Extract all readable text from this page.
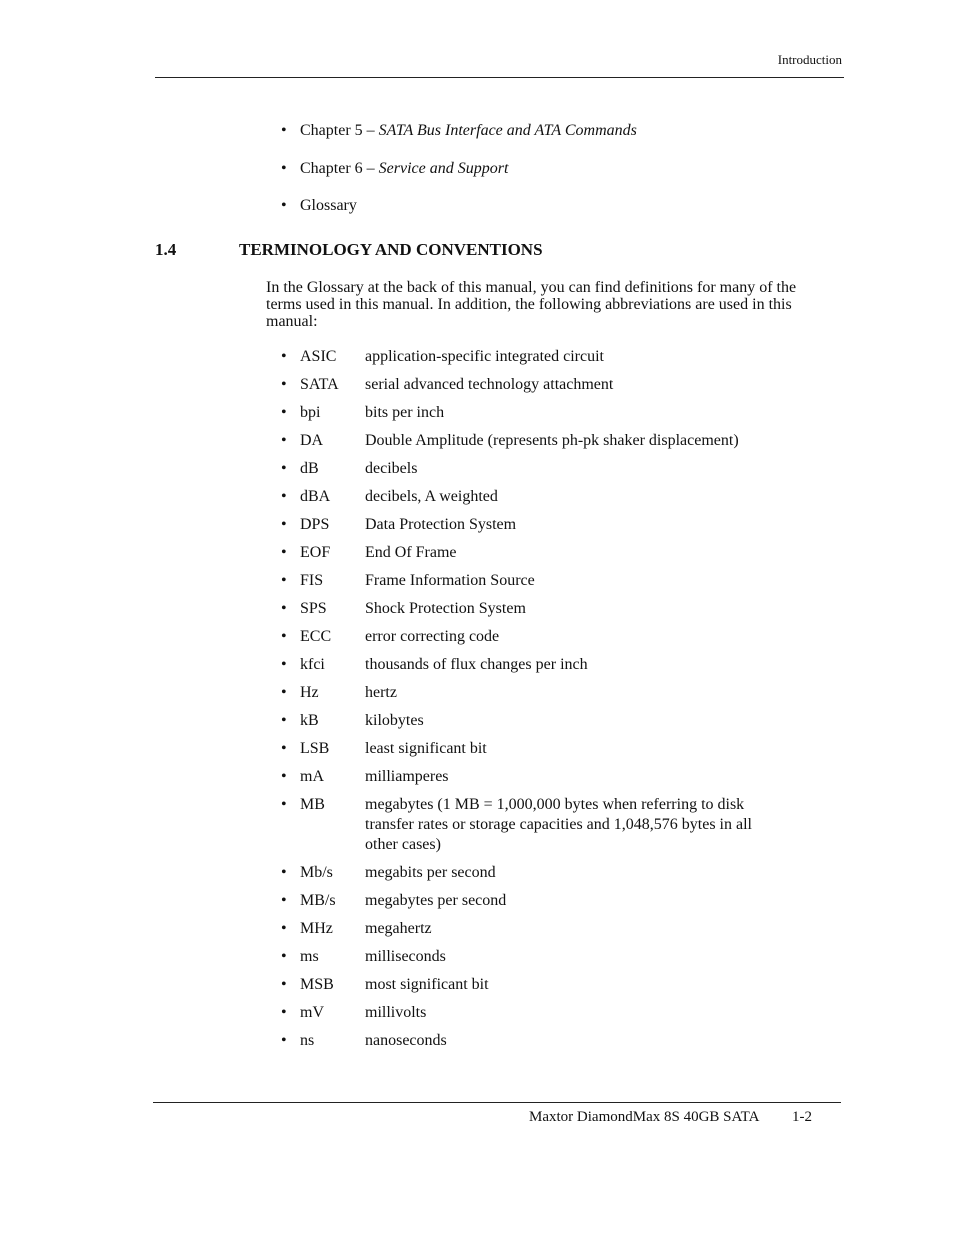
Introduction
• Chapter 5 – SATA Bus Interface and ATA Commands
• Chapter 6 – Service and Support
• Glossary
1.4	TERMINOLOGY AND CONVENTIONS

In the Glossary at the back of this manual, you can find definitions for many of the terms used in this manual. In addition, the following abbreviations are used in this manual:

• ASIC	application-specific integrated circuit
• SATA	serial advanced technology attachment
• bpi	bits per inch
• DA	Double Amplitude (represents ph-pk shaker displacement)
• dB	decibels
• dBA	decibels, A weighted
• DPS	Data Protection System
• EOF	End Of Frame
• FIS	Frame Information Source
• SPS	Shock Protection System
• ECC	error correcting code
• kfci	thousands of flux changes per inch
• Hz	hertz
• kB	kilobytes
• LSB	least significant bit
• mA	milliamperes
• MB	megabytes (1 MB = 1,000,000 bytes when referring to disk transfer rates or storage capacities and 1,048,576 bytes in all other cases)
• Mb/s	megabits per second
• MB/s	megabytes per second
• MHz	megahertz
• ms	milliseconds
• MSB	most significant bit
• mV	millivolts
• ns	nanoseconds
Maxtor DiamondMax 8S 40GB SATA 1-2
